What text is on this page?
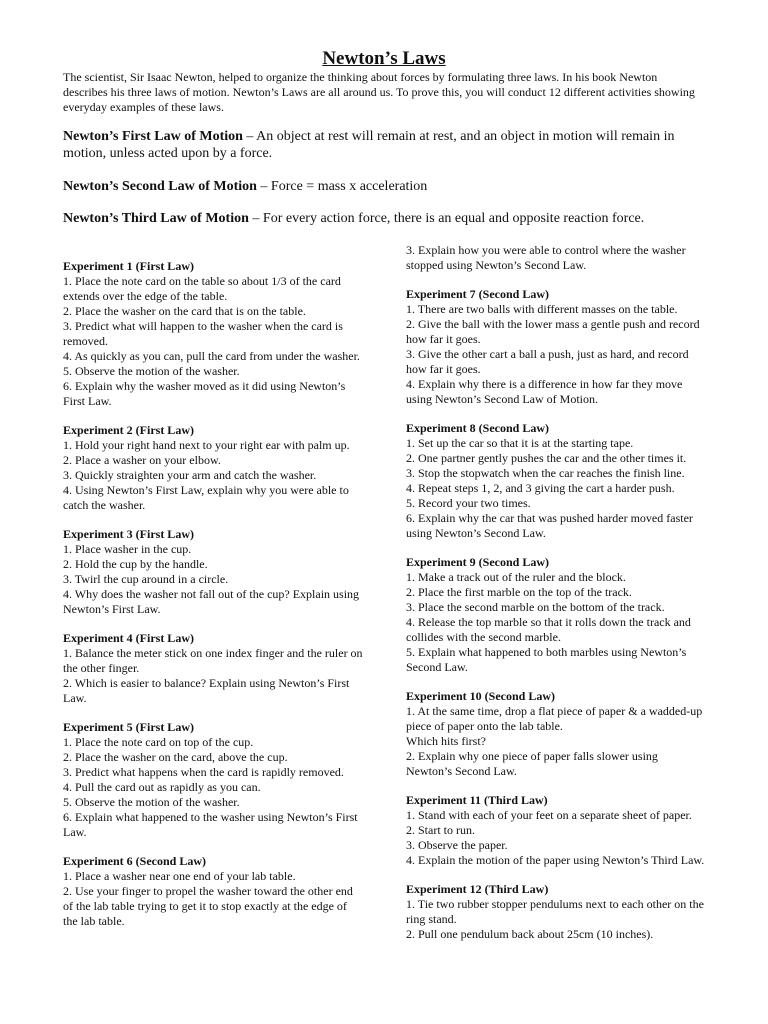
Newton’s Laws
The scientist, Sir Isaac Newton, helped to organize the thinking about forces by formulating three laws. In his book Newton describes his three laws of motion. Newton’s Laws are all around us. To prove this, you will conduct 12 different activities showing everyday examples of these laws.
Newton’s First Law of Motion – An object at rest will remain at rest, and an object in motion will remain in motion, unless acted upon by a force.
Newton’s Second Law of Motion – Force = mass x acceleration
Newton’s Third Law of Motion – For every action force, there is an equal and opposite reaction force.
Experiment 1 (First Law)
1. Place the note card on the table so about 1/3 of the card extends over the edge of the table.
2. Place the washer on the card that is on the table.
3. Predict what will happen to the washer when the card is removed.
4. As quickly as you can, pull the card from under the washer.
5. Observe the motion of the washer.
6. Explain why the washer moved as it did using Newton’s First Law.
Experiment 2 (First Law)
1. Hold your right hand next to your right ear with palm up.
2. Place a washer on your elbow.
3. Quickly straighten your arm and catch the washer.
4. Using Newton’s First Law, explain why you were able to catch the washer.
Experiment 3 (First Law)
1. Place washer in the cup.
2. Hold the cup by the handle.
3. Twirl the cup around in a circle.
4. Why does the washer not fall out of the cup? Explain using Newton’s First Law.
Experiment 4 (First Law)
1. Balance the meter stick on one index finger and the ruler on the other finger.
2. Which is easier to balance? Explain using Newton’s First Law.
Experiment 5 (First Law)
1. Place the note card on top of the cup.
2. Place the washer on the card, above the cup.
3. Predict what happens when the card is rapidly removed.
4. Pull the card out as rapidly as you can.
5. Observe the motion of the washer.
6. Explain what happened to the washer using Newton’s First Law.
Experiment 6 (Second Law)
1. Place a washer near one end of your lab table.
2. Use your finger to propel the washer toward the other end of the lab table trying to get it to stop exactly at the edge of the lab table.
3. Explain how you were able to control where the washer stopped using Newton’s Second Law.
Experiment 7 (Second Law)
1. There are two balls with different masses on the table.
2. Give the ball with the lower mass a gentle push and record how far it goes.
3. Give the other cart a ball a push, just as hard, and record how far it goes.
4. Explain why there is a difference in how far they move using Newton’s Second Law of Motion.
Experiment 8 (Second Law)
1. Set up the car so that it is at the starting tape.
2. One partner gently pushes the car and the other times it.
3. Stop the stopwatch when the car reaches the finish line.
4. Repeat steps 1, 2, and 3 giving the cart a harder push.
5. Record your two times.
6. Explain why the car that was pushed harder moved faster using Newton’s Second Law.
Experiment 9 (Second Law)
1. Make a track out of the ruler and the block.
2. Place the first marble on the top of the track.
3. Place the second marble on the bottom of the track.
4. Release the top marble so that it rolls down the track and collides with the second marble.
5. Explain what happened to both marbles using Newton’s Second Law.
Experiment 10 (Second Law)
1. At the same time, drop a flat piece of paper & a wadded-up piece of paper onto the lab table.
Which hits first?
2. Explain why one piece of paper falls slower using Newton’s Second Law.
Experiment 11 (Third Law)
1. Stand with each of your feet on a separate sheet of paper.
2. Start to run.
3. Observe the paper.
4. Explain the motion of the paper using Newton’s Third Law.
Experiment 12 (Third Law)
1. Tie two rubber stopper pendulums next to each other on the ring stand.
2. Pull one pendulum back about 25cm (10 inches).
